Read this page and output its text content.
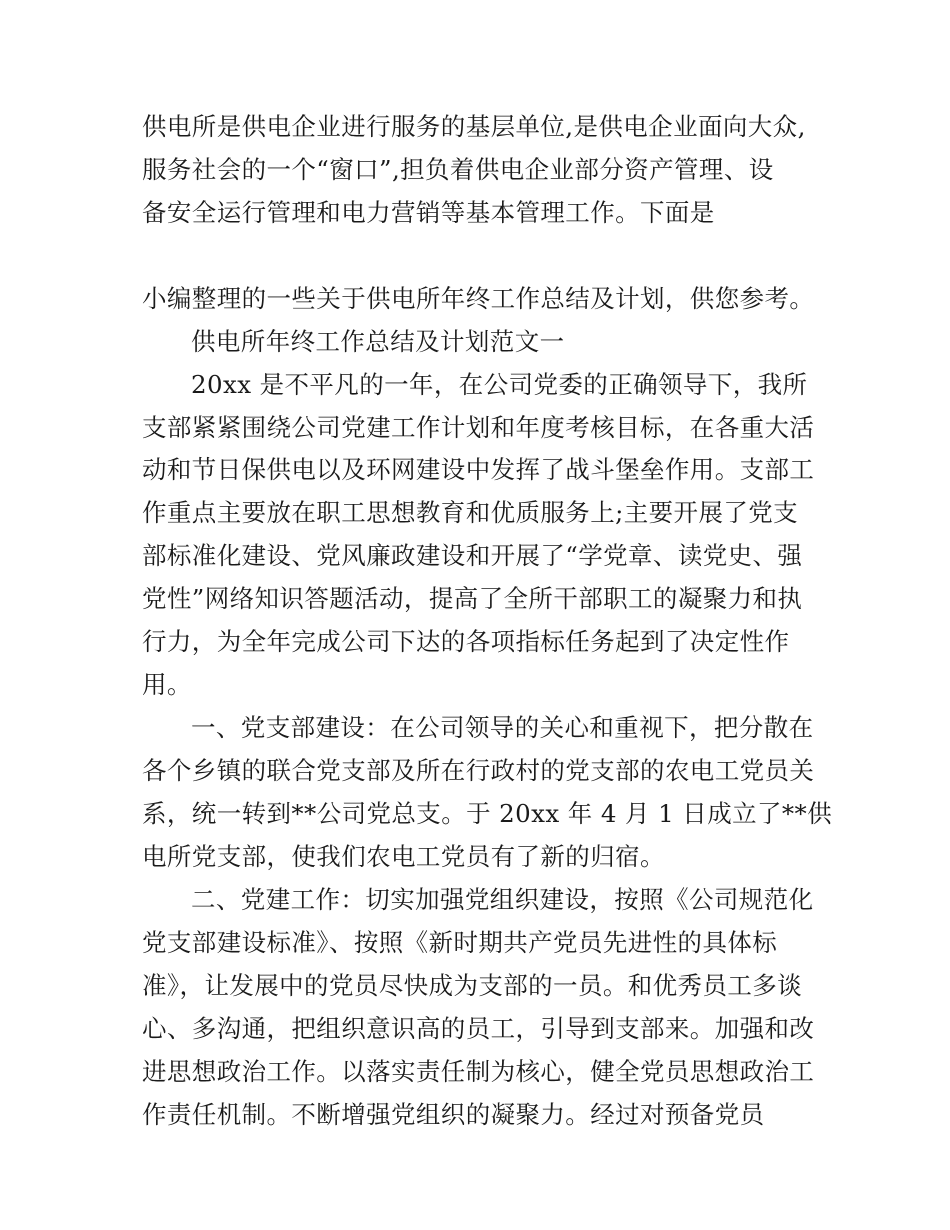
供电所是供电企业进行服务的基层单位,是供电企业面向大众,
服务社会的一个“窗口”,担负着供电企业部分资产管理、设
备安全运行管理和电力营销等基本管理工作。下面是
小编整理的一些关于供电所年终工作总结及计划，供您参考。
供电所年终工作总结及计划范文一
20xx 是不平凡的一年，在公司党委的正确领导下，我所
支部紧紧围绕公司党建工作计划和年度考核目标，在各重大活
动和节日保供电以及环网建设中发挥了战斗堡垒作用。支部工
作重点主要放在职工思想教育和优质服务上;主要开展了党支
部标准化建设、党风廉政建设和开展了“学党章、读党史、强
党性”网络知识答题活动，提高了全所干部职工的凝聚力和执
行力，为全年完成公司下达的各项指标任务起到了决定性作
用。
一、党支部建设：在公司领导的关心和重视下，把分散在
各个乡镇的联合党支部及所在行政村的党支部的农电工党员关
系，统一转到**公司党总支。于 20xx 年 4 月 1 日成立了**供
电所党支部，使我们农电工党员有了新的归宿。
二、党建工作：切实加强党组织建设，按照《公司规范化
党支部建设标准》、按照《新时期共产党员先进性的具体标
准》，让发展中的党员尽快成为支部的一员。和优秀员工多谈
心、多沟通，把组织意识高的员工，引导到支部来。加强和改
进思想政治工作。以落实责任制为核心，健全党员思想政治工
作责任机制。不断增强党组织的凝聚力。经过对预备党员
